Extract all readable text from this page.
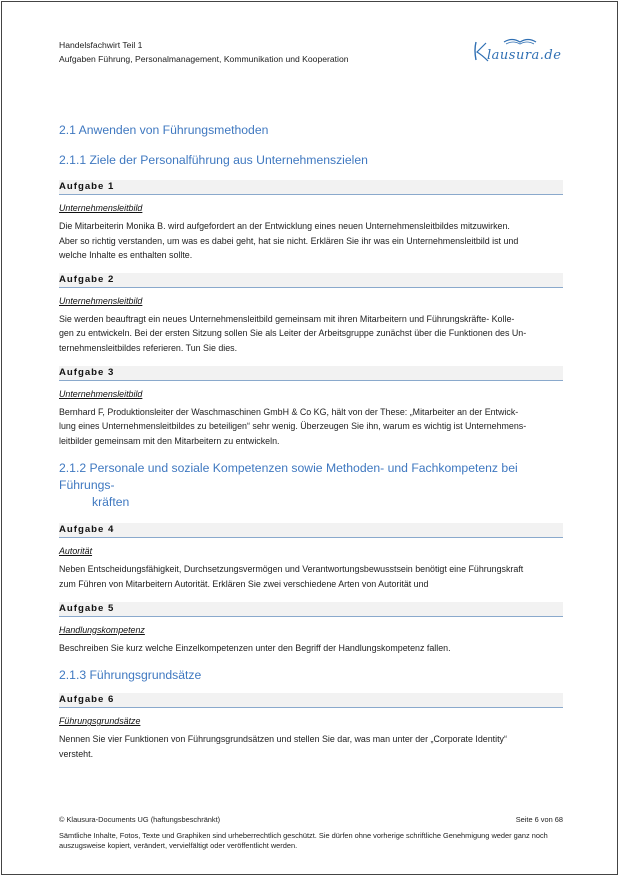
Handelsfachwirt Teil 1
Aufgaben Führung, Personalmanagement, Kommunikation und Kooperation	lausura.de
2.1 Anwenden von Führungsmethoden
2.1.1 Ziele der Personalführung aus Unternehmenszielen
Aufgabe 1
Unternehmensleitbild
Die Mitarbeiterin Monika B. wird aufgefordert an der Entwicklung eines neuen Unternehmensleitbildes mitzuwirken.
Aber so richtig verstanden, um was es dabei geht, hat sie nicht. Erklären Sie ihr was ein Unternehmensleitbild ist und
welche Inhalte es enthalten sollte.
Aufgabe 2
Unternehmensleitbild
Sie werden beauftragt ein neues Unternehmensleitbild gemeinsam mit ihren Mitarbeitern und Führungskräfte- Kolle-
gen zu entwickeln. Bei der ersten Sitzung sollen Sie als Leiter der Arbeitsgruppe zunächst über die Funktionen des Un-
ternehmensleitbildes referieren. Tun Sie dies.
Aufgabe 3
Unternehmensleitbild
Bernhard F, Produktionsleiter der Waschmaschinen GmbH & Co KG, hält von der These: „Mitarbeiter an der Entwick-
lung eines Unternehmensleitbildes zu beteiligen“ sehr wenig. Überzeugen Sie ihn, warum es wichtig ist Unternehmens-
leitbilder gemeinsam mit den Mitarbeitern zu entwickeln.
2.1.2 Personale und soziale Kompetenzen sowie Methoden- und Fachkompetenz bei Führungs-
kräften
Aufgabe 4
Autorität
Neben Entscheidungsfähigkeit, Durchsetzungsvermögen und Verantwortungsbewusstsein benötigt eine Führungskraft
zum Führen von Mitarbeitern Autorität. Erklären Sie zwei verschiedene Arten von Autorität und
Aufgabe 5
Handlungskompetenz
Beschreiben Sie kurz welche Einzelkompetenzen unter den Begriff der Handlungskompetenz fallen.
2.1.3 Führungsgrundsätze
Aufgabe 6
Führungsgrundsätze
Nennen Sie vier Funktionen von Führungsgrundsätzen und stellen Sie dar, was man unter der „Corporate Identity“
versteht.
© Klausura-Documents UG (haftungsbeschränkt)	Seite 6 von 68
Sämtliche Inhalte, Fotos, Texte und Graphiken sind urheberrechtlich geschützt. Sie dürfen ohne vorherige schriftliche Genehmigung weder ganz noch
auszugsweise kopiert, verändert, vervielfältigt oder veröffentlicht werden.
